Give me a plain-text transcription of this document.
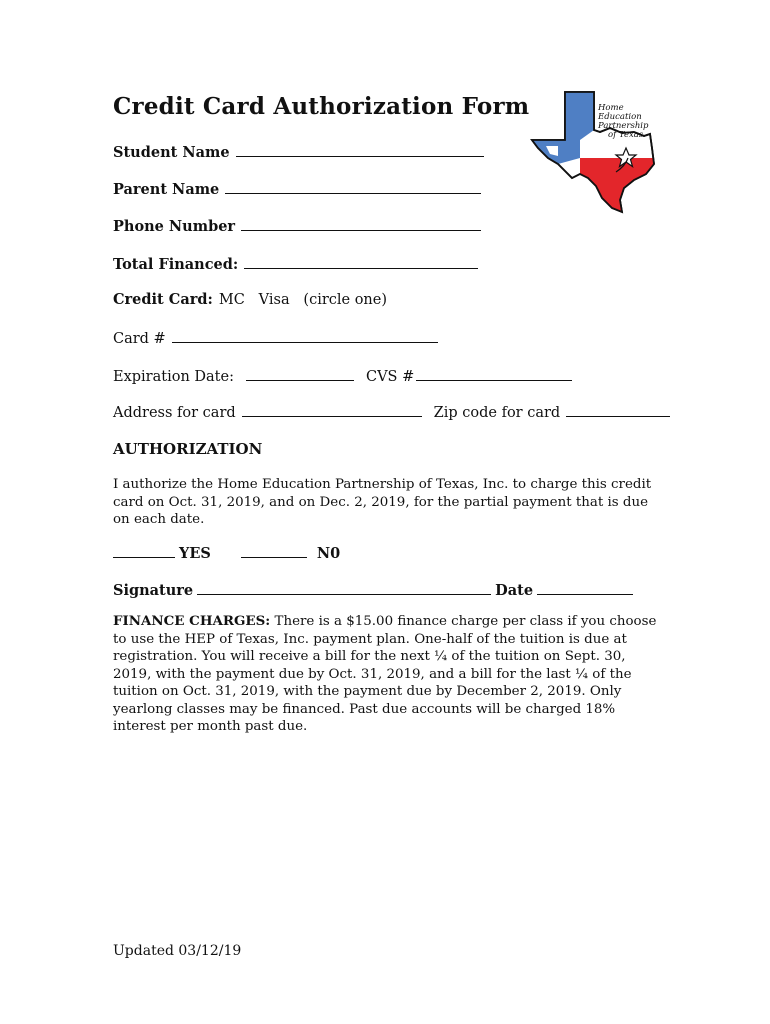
Credit Card Authorization Form	Home
Education
Partnership
of Texas
Student Name
Parent Name
Phone Number
Total Financed:
Credit Card: MC   Visa   (circle one)
Card #
Expiration Date:	CVS #
Address for card	Zip code for card
AUTHORIZATION

I authorize the Home Education Partnership of Texas, Inc. to charge this credit card on Oct. 31, 2019, and on Dec. 2, 2019, for the partial payment that is due on each date.

YES	N0
Signature	Date

FINANCE CHARGES: There is a $15.00 finance charge per class if you choose to use the HEP of Texas, Inc. payment plan. One-half of the tuition is due at registration. You will receive a bill for the next ¼ of the tuition on Sept. 30, 2019, with the payment due by Oct. 31, 2019, and a bill for the last ¼ of the tuition on Oct. 31, 2019, with the payment due by December 2, 2019. Only yearlong classes may be financed. Past due accounts will be charged 18% interest per month past due.

Updated 03/12/19
